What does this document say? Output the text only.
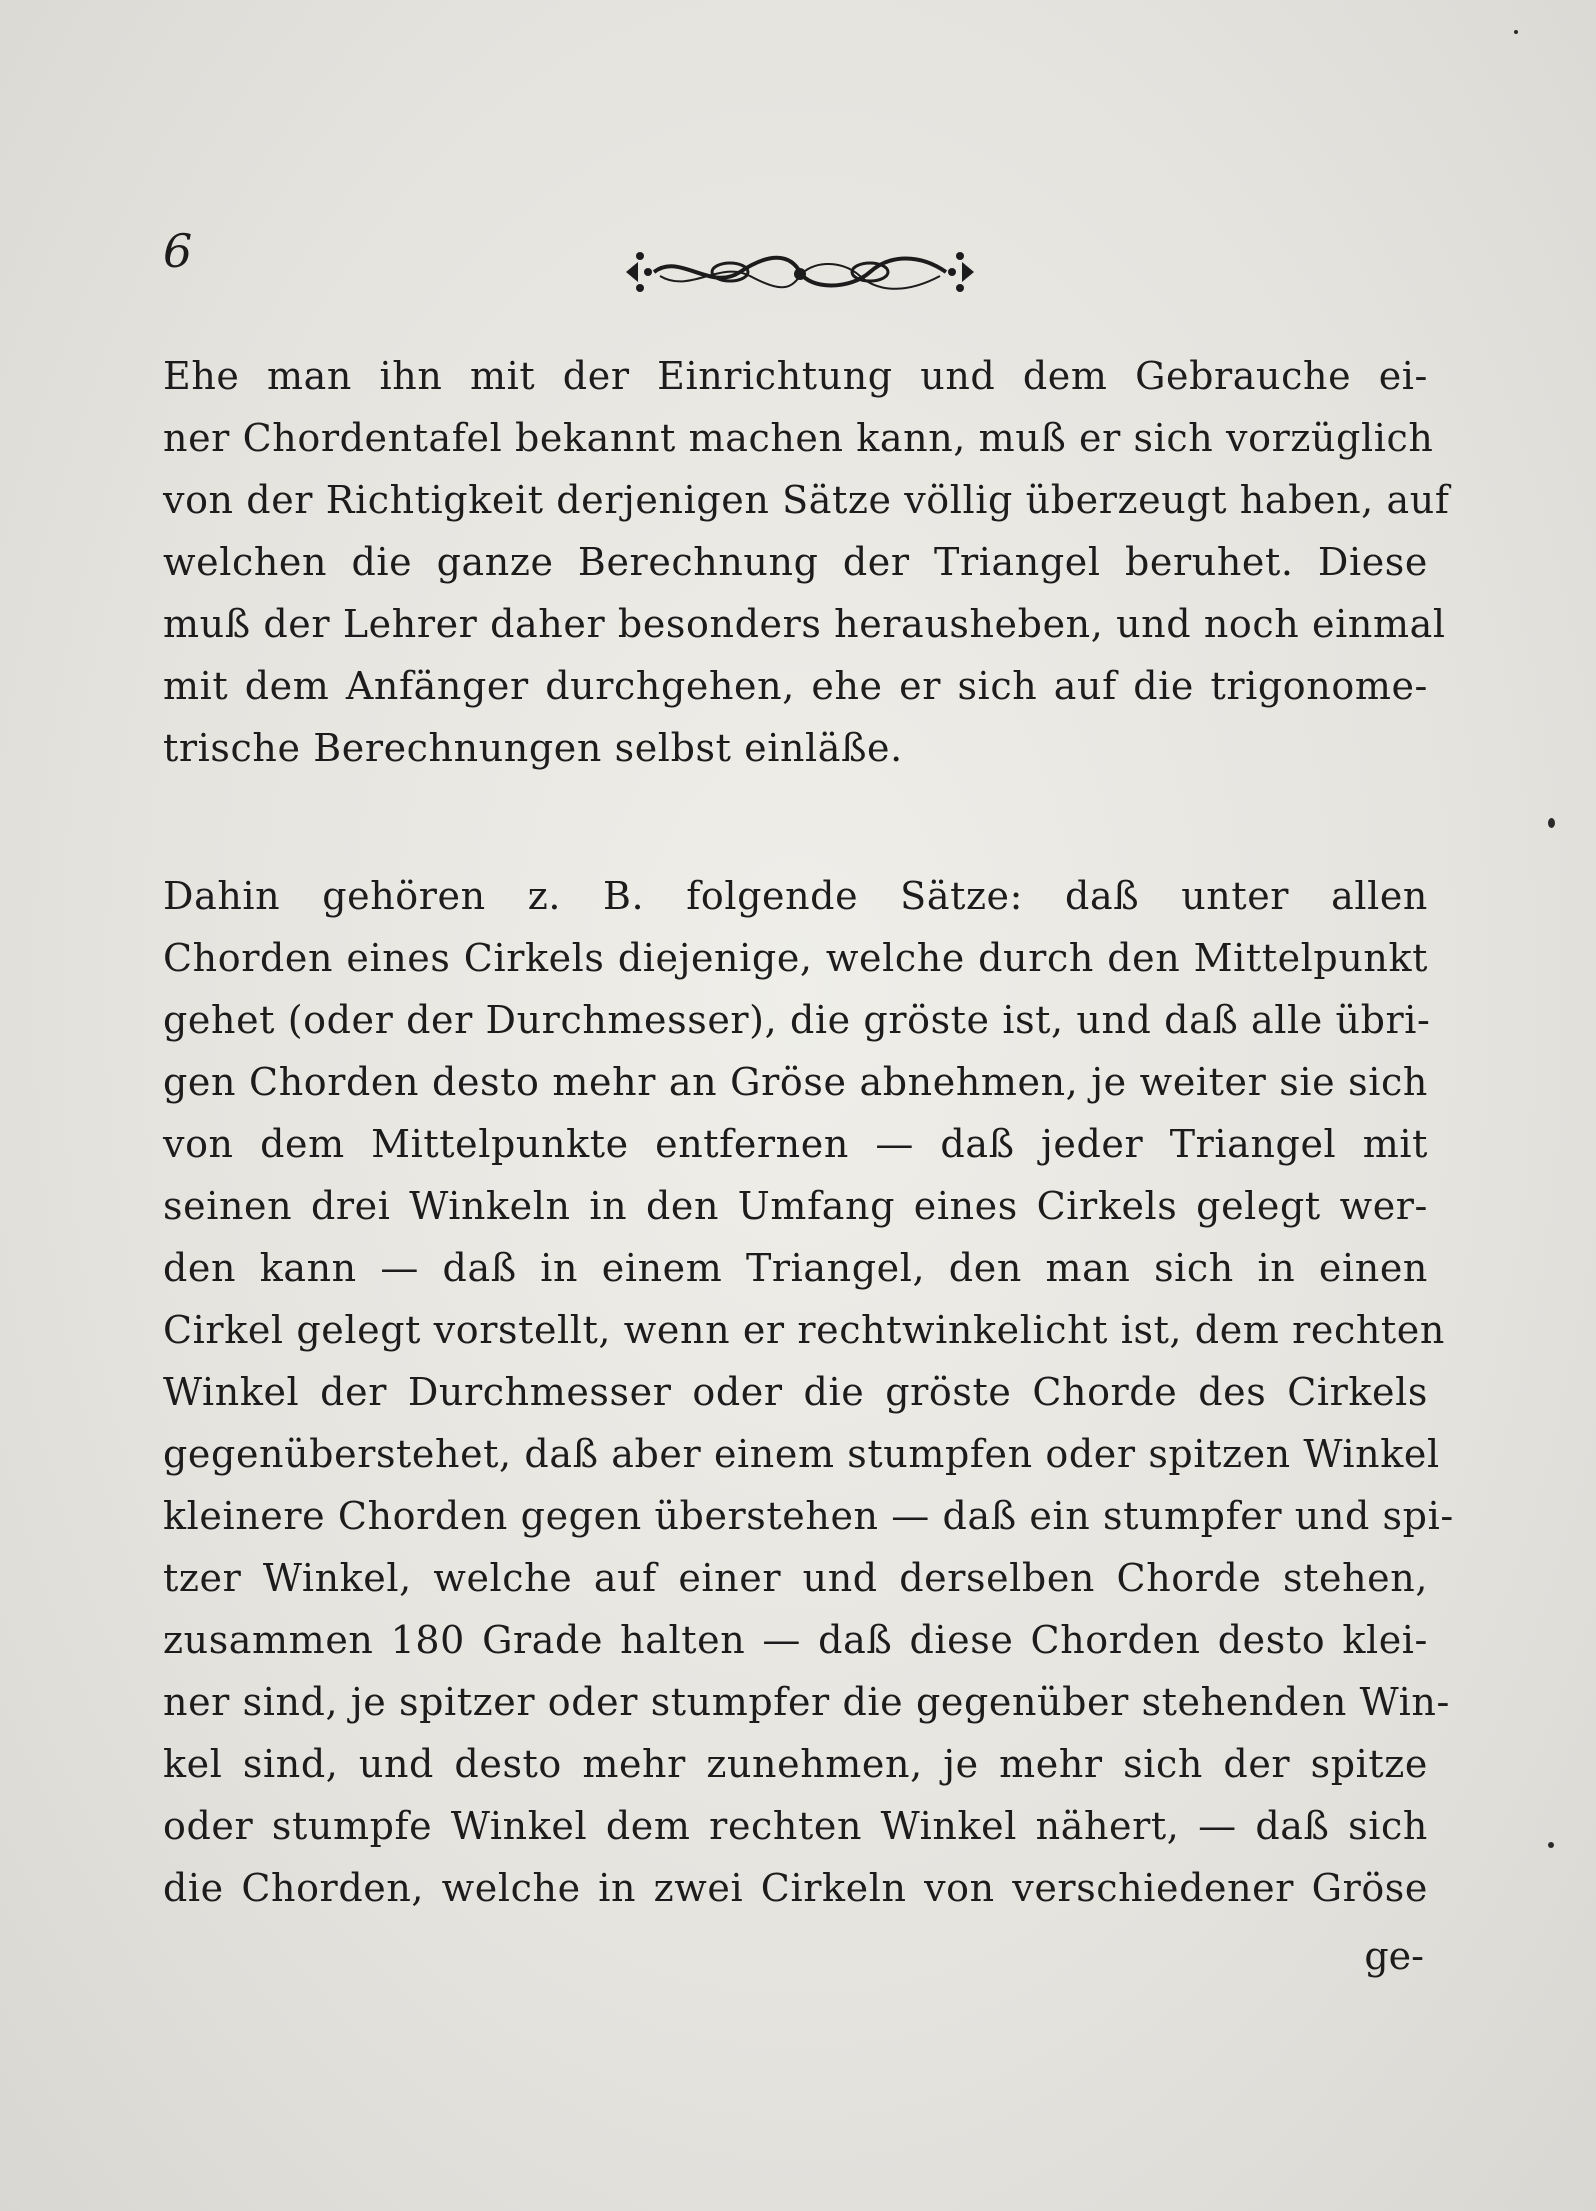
6
Ehe man ihn mit der Einrichtung und dem Gebrauche ei-
ner Chordentafel bekannt machen kann, muß er sich vorzüglich
von der Richtigkeit derjenigen Sätze völlig überzeugt haben, auf
welchen die ganze Berechnung der Triangel beruhet. Diese
muß der Lehrer daher besonders herausheben, und noch einmal
mit dem Anfänger durchgehen, ehe er sich auf die trigonome-
trische Berechnungen selbst einläße.
Dahin gehören z. B. folgende Sätze: daß unter allen
Chorden eines Cirkels diejenige, welche durch den Mittelpunkt
gehet (oder der Durchmesser), die gröste ist, und daß alle übri-
gen Chorden desto mehr an Gröse abnehmen, je weiter sie sich
von dem Mittelpunkte entfernen — daß jeder Triangel mit
seinen drei Winkeln in den Umfang eines Cirkels gelegt wer-
den kann — daß in einem Triangel, den man sich in einen
Cirkel gelegt vorstellt, wenn er rechtwinkelicht ist, dem rechten
Winkel der Durchmesser oder die gröste Chorde des Cirkels
gegenüberstehet, daß aber einem stumpfen oder spitzen Winkel
kleinere Chorden gegen überstehen — daß ein stumpfer und spi-
tzer Winkel, welche auf einer und derselben Chorde stehen,
zusammen 180 Grade halten — daß diese Chorden desto klei-
ner sind, je spitzer oder stumpfer die gegenüber stehenden Win-
kel sind, und desto mehr zunehmen, je mehr sich der spitze
oder stumpfe Winkel dem rechten Winkel nähert, — daß sich
die Chorden, welche in zwei Cirkeln von verschiedener Gröse
ge-
